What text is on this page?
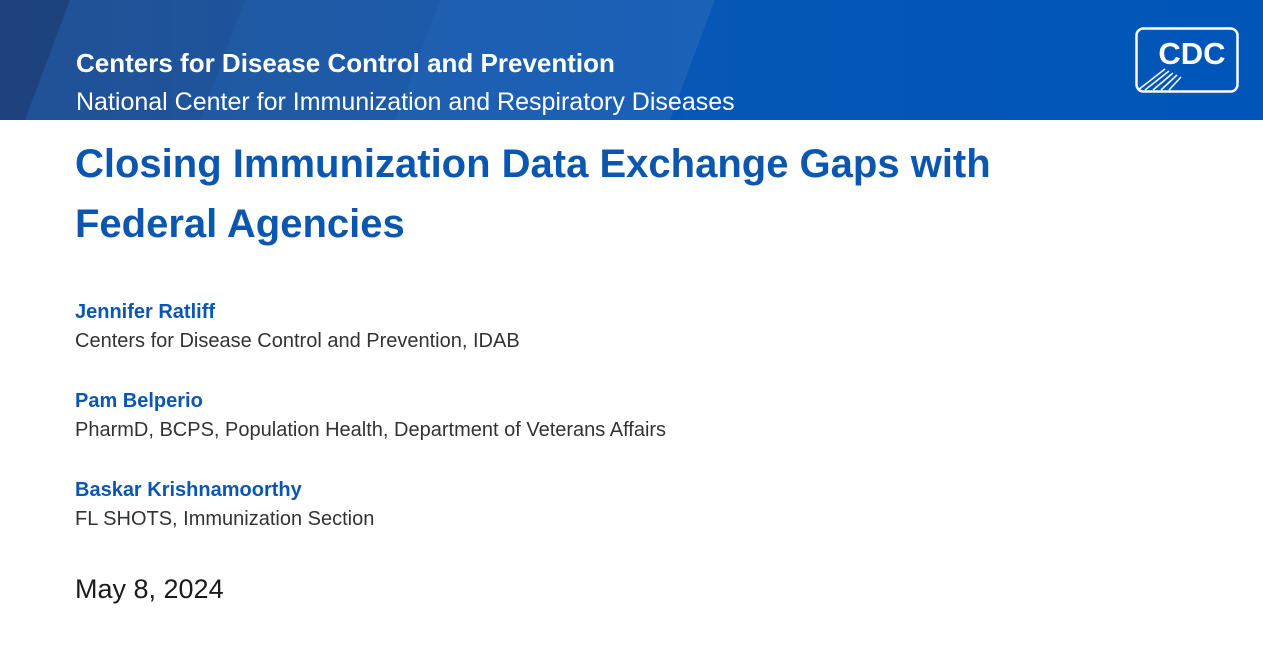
Centers for Disease Control and Prevention
National Center for Immunization and Respiratory Diseases
CDC
Closing Immunization Data Exchange Gaps with
Federal Agencies
Jennifer Ratliff
Centers for Disease Control and Prevention, IDAB
Pam Belperio
PharmD, BCPS, Population Health, Department of Veterans Affairs
Baskar Krishnamoorthy
FL SHOTS, Immunization Section
May 8, 2024
